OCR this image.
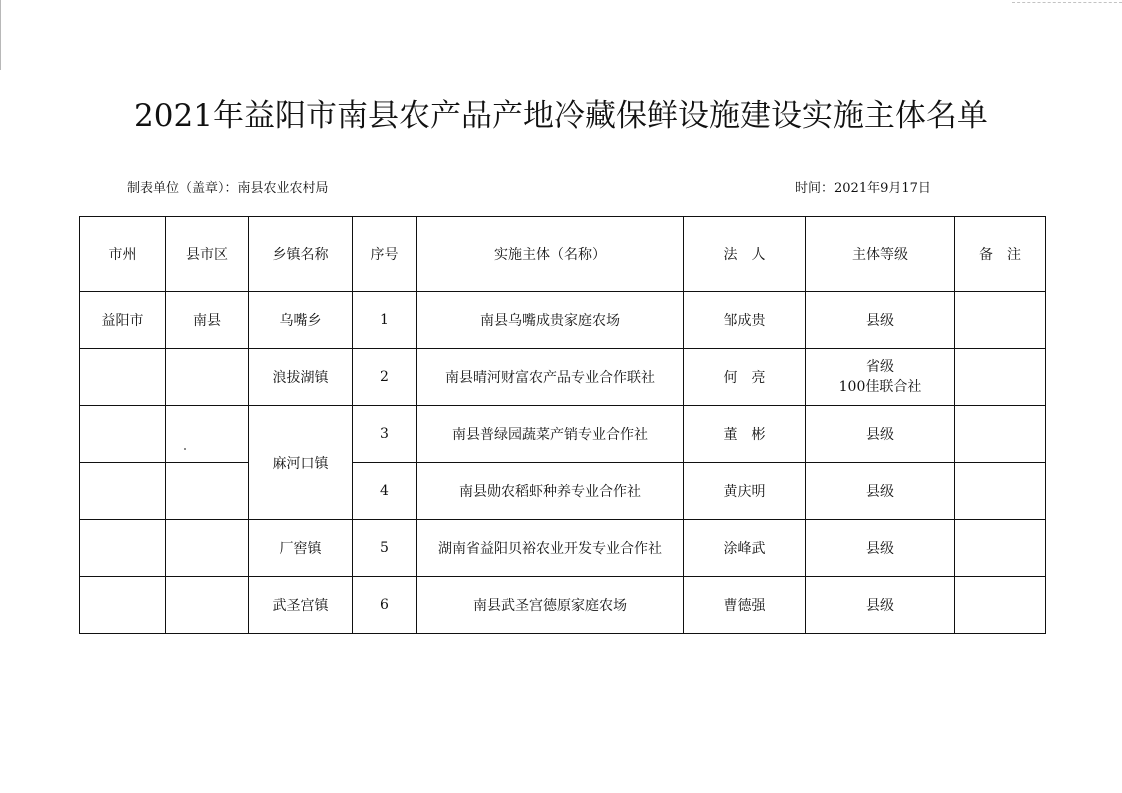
2021年益阳市南县农产品产地冷藏保鲜设施建设实施主体名单
制表单位（盖章）：南县农业农村局	时间：2021年9月17日
市州	县市区	乡镇名称	序号	实施主体（名称）	法　人	主体等级	备　注
益阳市	南县	乌嘴乡	1	南县乌嘴成贵家庭农场	邹成贵	县级	
		浪拔湖镇	2	南县晴河财富农产品专业合作联社	何　亮	省级
100佳联合社	

		麻河口镇	3	南县普绿园蔬菜产销专业合作社	董　彬	县级	
			4	南县勋农稻虾种养专业合作社	黄庆明	县级	
		厂窖镇	5	湖南省益阳贝裕农业开发专业合作社	涂峰武	县级	
		武圣宫镇	6	南县武圣宫德原家庭农场	曹德强	县级	
